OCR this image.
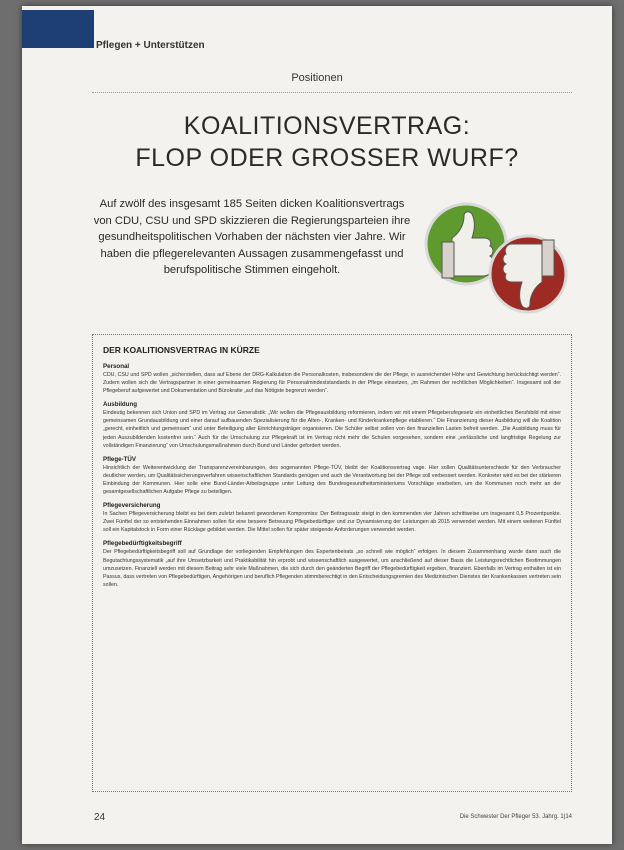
Pflegen + Unterstützen
Positionen
KOALITIONSVERTRAG:
FLOP ODER GROSSER WURF?
Auf zwölf des insgesamt 185 Seiten dicken Koalitionsvertrags von CDU, CSU und SPD skizzieren die Regierungsparteien ihre gesundheitspolitischen Vorhaben der nächsten vier Jahre. Wir haben die pflegerelevanten Aussagen zusammengefasst und berufspolitische Stimmen eingeholt.
DER KOALITIONSVERTRAG IN KÜRZE
Personal

CDU, CSU und SPD wollen „sicherstellen, dass auf Ebene der DRG-Kalkulation die Personalkosten, insbesondere die der Pflege, in ausreichender Höhe und Gewichtung berücksichtigt werden“. Zudem wollen sich die Vertragspartner in einer gemeinsamen Regierung für Personalmindeststandards in der Pflege einsetzen, „im Rahmen der rechtlichen Möglichkeiten“. Insgesamt soll der Pflegeberuf aufgewertet und Dokumentation und Bürokratie „auf das Nötigste begrenzt werden“.

Ausbildung

Eindeutig bekennen sich Union und SPD im Vertrag zur Generalistik: „Wir wollen die Pflegeausbildung reformieren, indem wir mit einem Pflegeberufegesetz ein einheitliches Berufsbild mit einer gemeinsamen Grundausbildung und einer darauf aufbauenden Spezialisierung für die Alten-, Kranken- und Kinderkrankenpflege etablieren.“ Die Finanzierung dieser Ausbildung will die Koalition „gerecht, einheitlich und gemeinsam“ und unter Beteiligung aller Einrichtungsträger organisieren. Die Schüler selbst sollen von den finanziellen Lasten befreit werden. „Die Ausbildung muss für jeden Auszubildenden kostenfrei sein.“ Auch für die Umschulung zur Pflegekraft ist im Vertrag nicht mehr die Schulen vorgesehen, sondern eine „verlässliche und langfristige Regelung zur vollständigen Finanzierung“ von Umschulungsmaßnahmen durch Bund und Länder gefordert werden.

Pflege-TÜV

Hinsichtlich der Weiterentwicklung der Transparenzvereinbarungen, des sogenannten Pflege-TÜV, bleibt der Koalitionsvertrag vage. Hier sollen Qualitätsunterschiede für den Verbraucher deutlicher werden, um Qualitätssicherungsverfahren wissenschaftlichen Standards genügen und auch die Verantwortung bei der Pflege soll verbessert werden. Konkreter wird es bei der stärkeren Einbindung der Kommunen. Hier solle eine Bund-Länder-Arbeitsgruppe unter Leitung des Bundesgesundheitsministeriums Vorschläge erarbeiten, um die Kommunen noch mehr an der gesamtgesellschaftlichen Aufgabe Pflege zu beteiligen.

Pflegeversicherung

In Sachen Pflegeversicherung bleibt es bei dem zuletzt bekannt gewordenen Kompromiss: Der Beitragssatz steigt in den kommenden vier Jahren schrittweise um insgesamt 0,5 Prozentpunkte. Zwei Fünftel der so entstehenden Einnahmen sollen für eine bessere Betreuung Pflegebedürftiger und zur Dynamisierung der Leistungen ab 2015 verwendet werden. Mit einem weiteren Fünftel soll ein Kapitalstock in Form einer Rücklage gebildet werden. Die Mittel sollen für später steigende Anforderungen verwendet werden.

Pflegebedürftigkeitsbegriff

Der Pflegebedürftigkeitsbegriff soll auf Grundlage der vorliegenden Empfehlungen des Expertenbeirats „so schnell wie möglich“ erfolgen. In diesem Zusammenhang wurde dann auch die Begutachtungssystematik „auf ihre Umsetzbarkeit und Praktikabilität hin erprobt und wissenschaftlich ausgewertet, um anschließend auf dieser Basis die Leistungsrechtlichen Bestimmungen umzusetzen. Finanziell werden mit diesem Beitrag sehr viele Maßnahmen, die sich durch den geänderten Begriff der Pflegebedürftigkeit ergeben, finanziert. Ebenfalls im Vertrag enthalten ist ein Passus, dass vertreten von Pflegebedürftigen, Angehörigen und beruflich Pflegenden stimmberechtigt in den Entscheidungsgremien des Medizinischen Dienstes der Krankenkassen vertreten sein sollen.

24	Die Schwester Der Pfleger 53. Jahrg. 1|14
